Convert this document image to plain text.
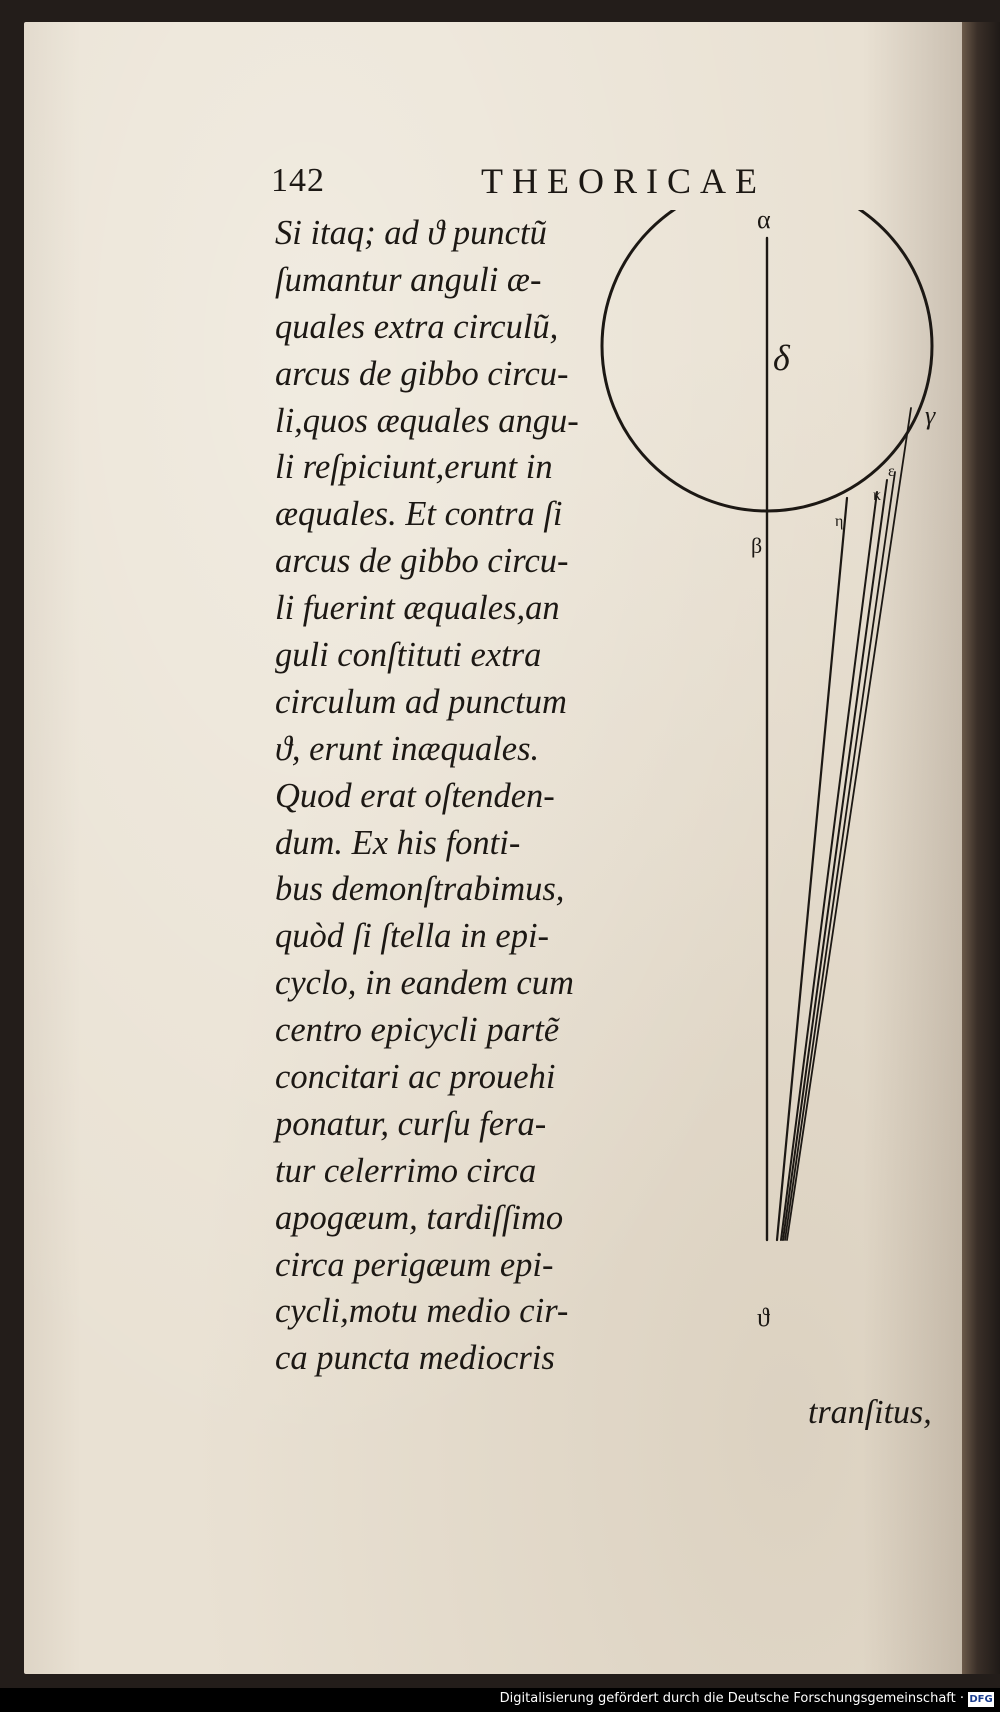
142	THEORICAE
Si itaq; ad ϑ punctũ
ſumantur anguli æ-
quales extra circulũ,
arcus de gibbo circu-
li,quos æquales angu-
li reſpiciunt,erunt in
æquales. Et contra ſi
arcus de gibbo circu-
li fuerint æquales,an
guli conſtituti extra
circulum ad punctum
ϑ, erunt inæquales.
Quod erat oſtenden-
dum. Ex his fonti-
bus demonſtrabimus,
quòd ſi ſtella in epi-
cyclo, in eandem cum
centro epicycli partẽ
concitari ac prouehi
ponatur, curſu fera-
tur celerrimo circa
apogæum, tardiſſimo
circa perigæum epi-
cycli,motu medio cir-
ca puncta mediocris
α
δ
γ
ε
κ
η
β
ϑ
tranſitus,
Digitalisierung gefördert durch die Deutsche Forschungsgemeinschaft · DFG
